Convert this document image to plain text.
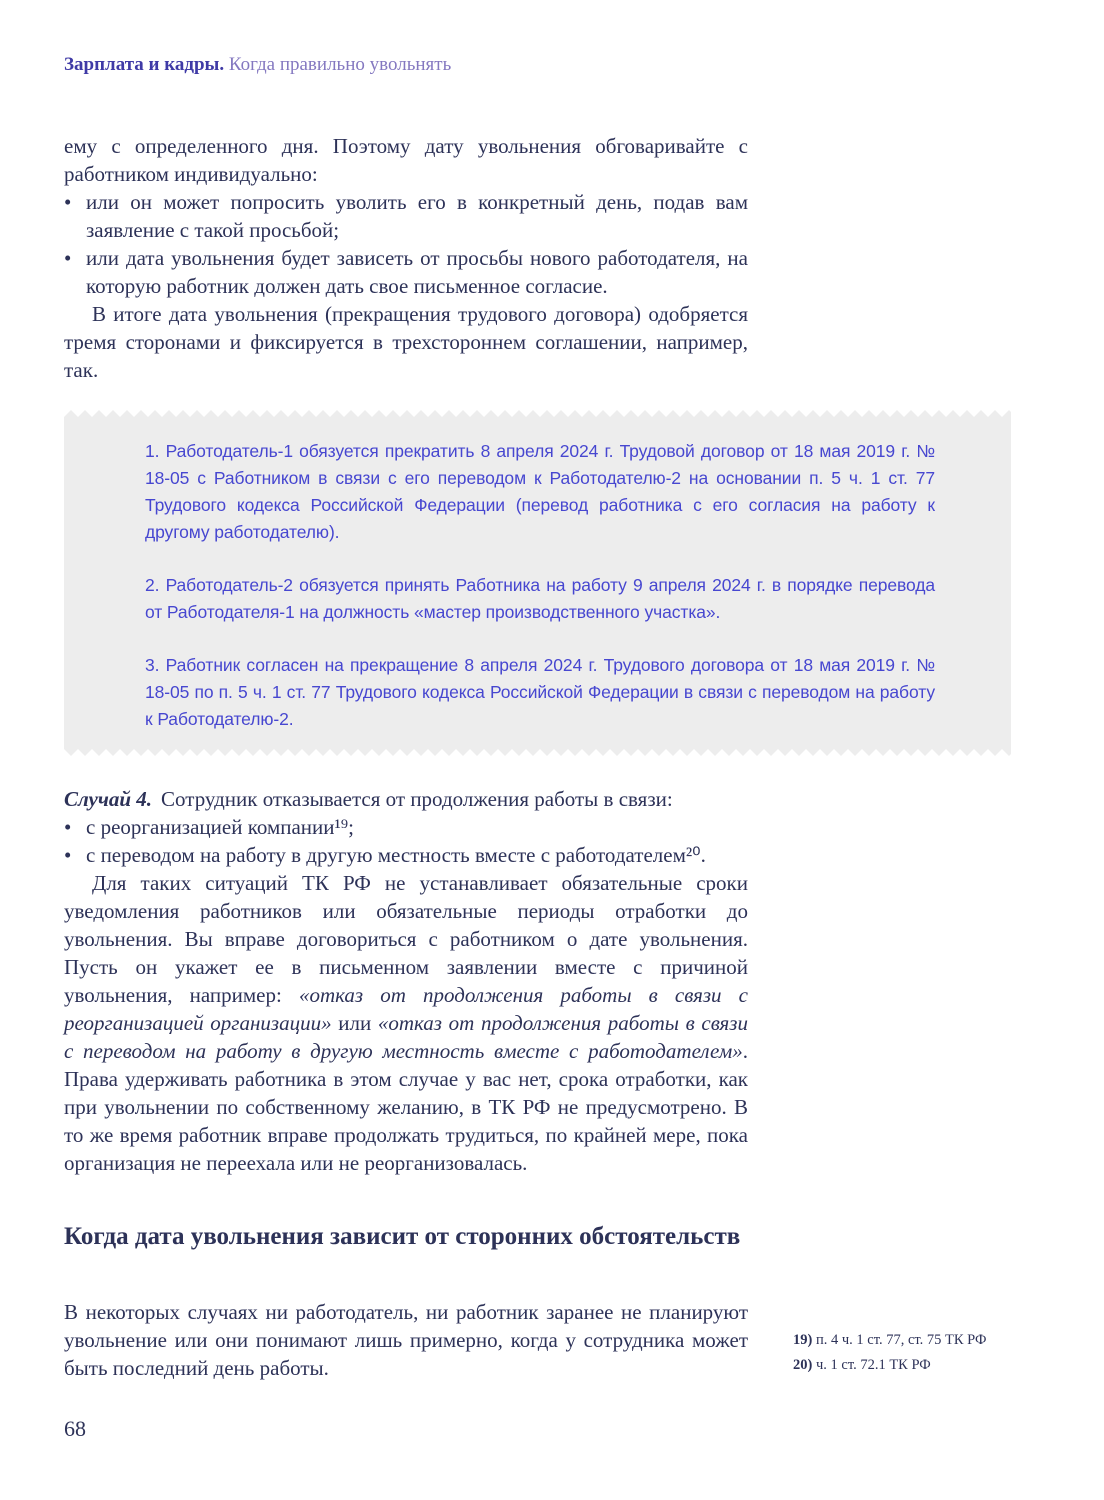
Зарплата и кадры. Когда правильно увольнять

ему с определенного дня. Поэтому дату увольнения обговаривайте с работником индивидуально:

• или он может попросить уволить его в конкретный день, подав вам заявление с такой просьбой;
• или дата увольнения будет зависеть от просьбы нового работодателя, на которую работник должен дать свое письменное согласие.

В итоге дата увольнения (прекращения трудового договора) одобряется тремя сторонами и фиксируется в трехстороннем соглашении, например, так.

1. Работодатель-1 обязуется прекратить 8 апреля 2024 г. Трудовой договор от 18 мая 2019 г. № 18-05 с Работником в связи с его переводом к Работодателю-2 на основании п. 5 ч. 1 ст. 77 Трудового кодекса Российской Федерации (перевод работника с его согласия на работу к другому работодателю).

2. Работодатель-2 обязуется принять Работника на работу 9 апреля 2024 г. в порядке перевода от Работодателя-1 на должность «мастер производственного участка».

3. Работник согласен на прекращение 8 апреля 2024 г. Трудового договора от 18 мая 2019 г. № 18-05 по п. 5 ч. 1 ст. 77 Трудового кодекса Российской Федерации в связи с переводом на работу к Работодателю-2.

Случай 4. Сотрудник отказывается от продолжения работы в связи:

• с реорганизацией компании¹⁹;
• с переводом на работу в другую местность вместе с работодателем²⁰.

Для таких ситуаций ТК РФ не устанавливает обязательные сроки уведомления работников или обязательные периоды отработки до увольнения. Вы вправе договориться с работником о дате увольнения. Пусть он укажет ее в письменном заявлении вместе с причиной увольнения, например: «отказ от продолжения работы в связи с реорганизацией организации» или «отказ от продолжения работы в связи с переводом на работу в другую местность вместе с работодателем». Права удерживать работника в этом случае у вас нет, срока отработки, как при увольнении по собственному желанию, в ТК РФ не предусмотрено. В то же время работник вправе продолжать трудиться, по крайней мере, пока организация не переехала или не реорганизовалась.

Когда дата увольнения зависит от сторонних обстоятельств

В некоторых случаях ни работодатель, ни работник заранее не планируют увольнение или они понимают лишь примерно, когда у сотрудника может быть последний день работы.

19) п. 4 ч. 1 ст. 77, ст. 75 ТК РФ
20) ч. 1 ст. 72.1 ТК РФ
68
